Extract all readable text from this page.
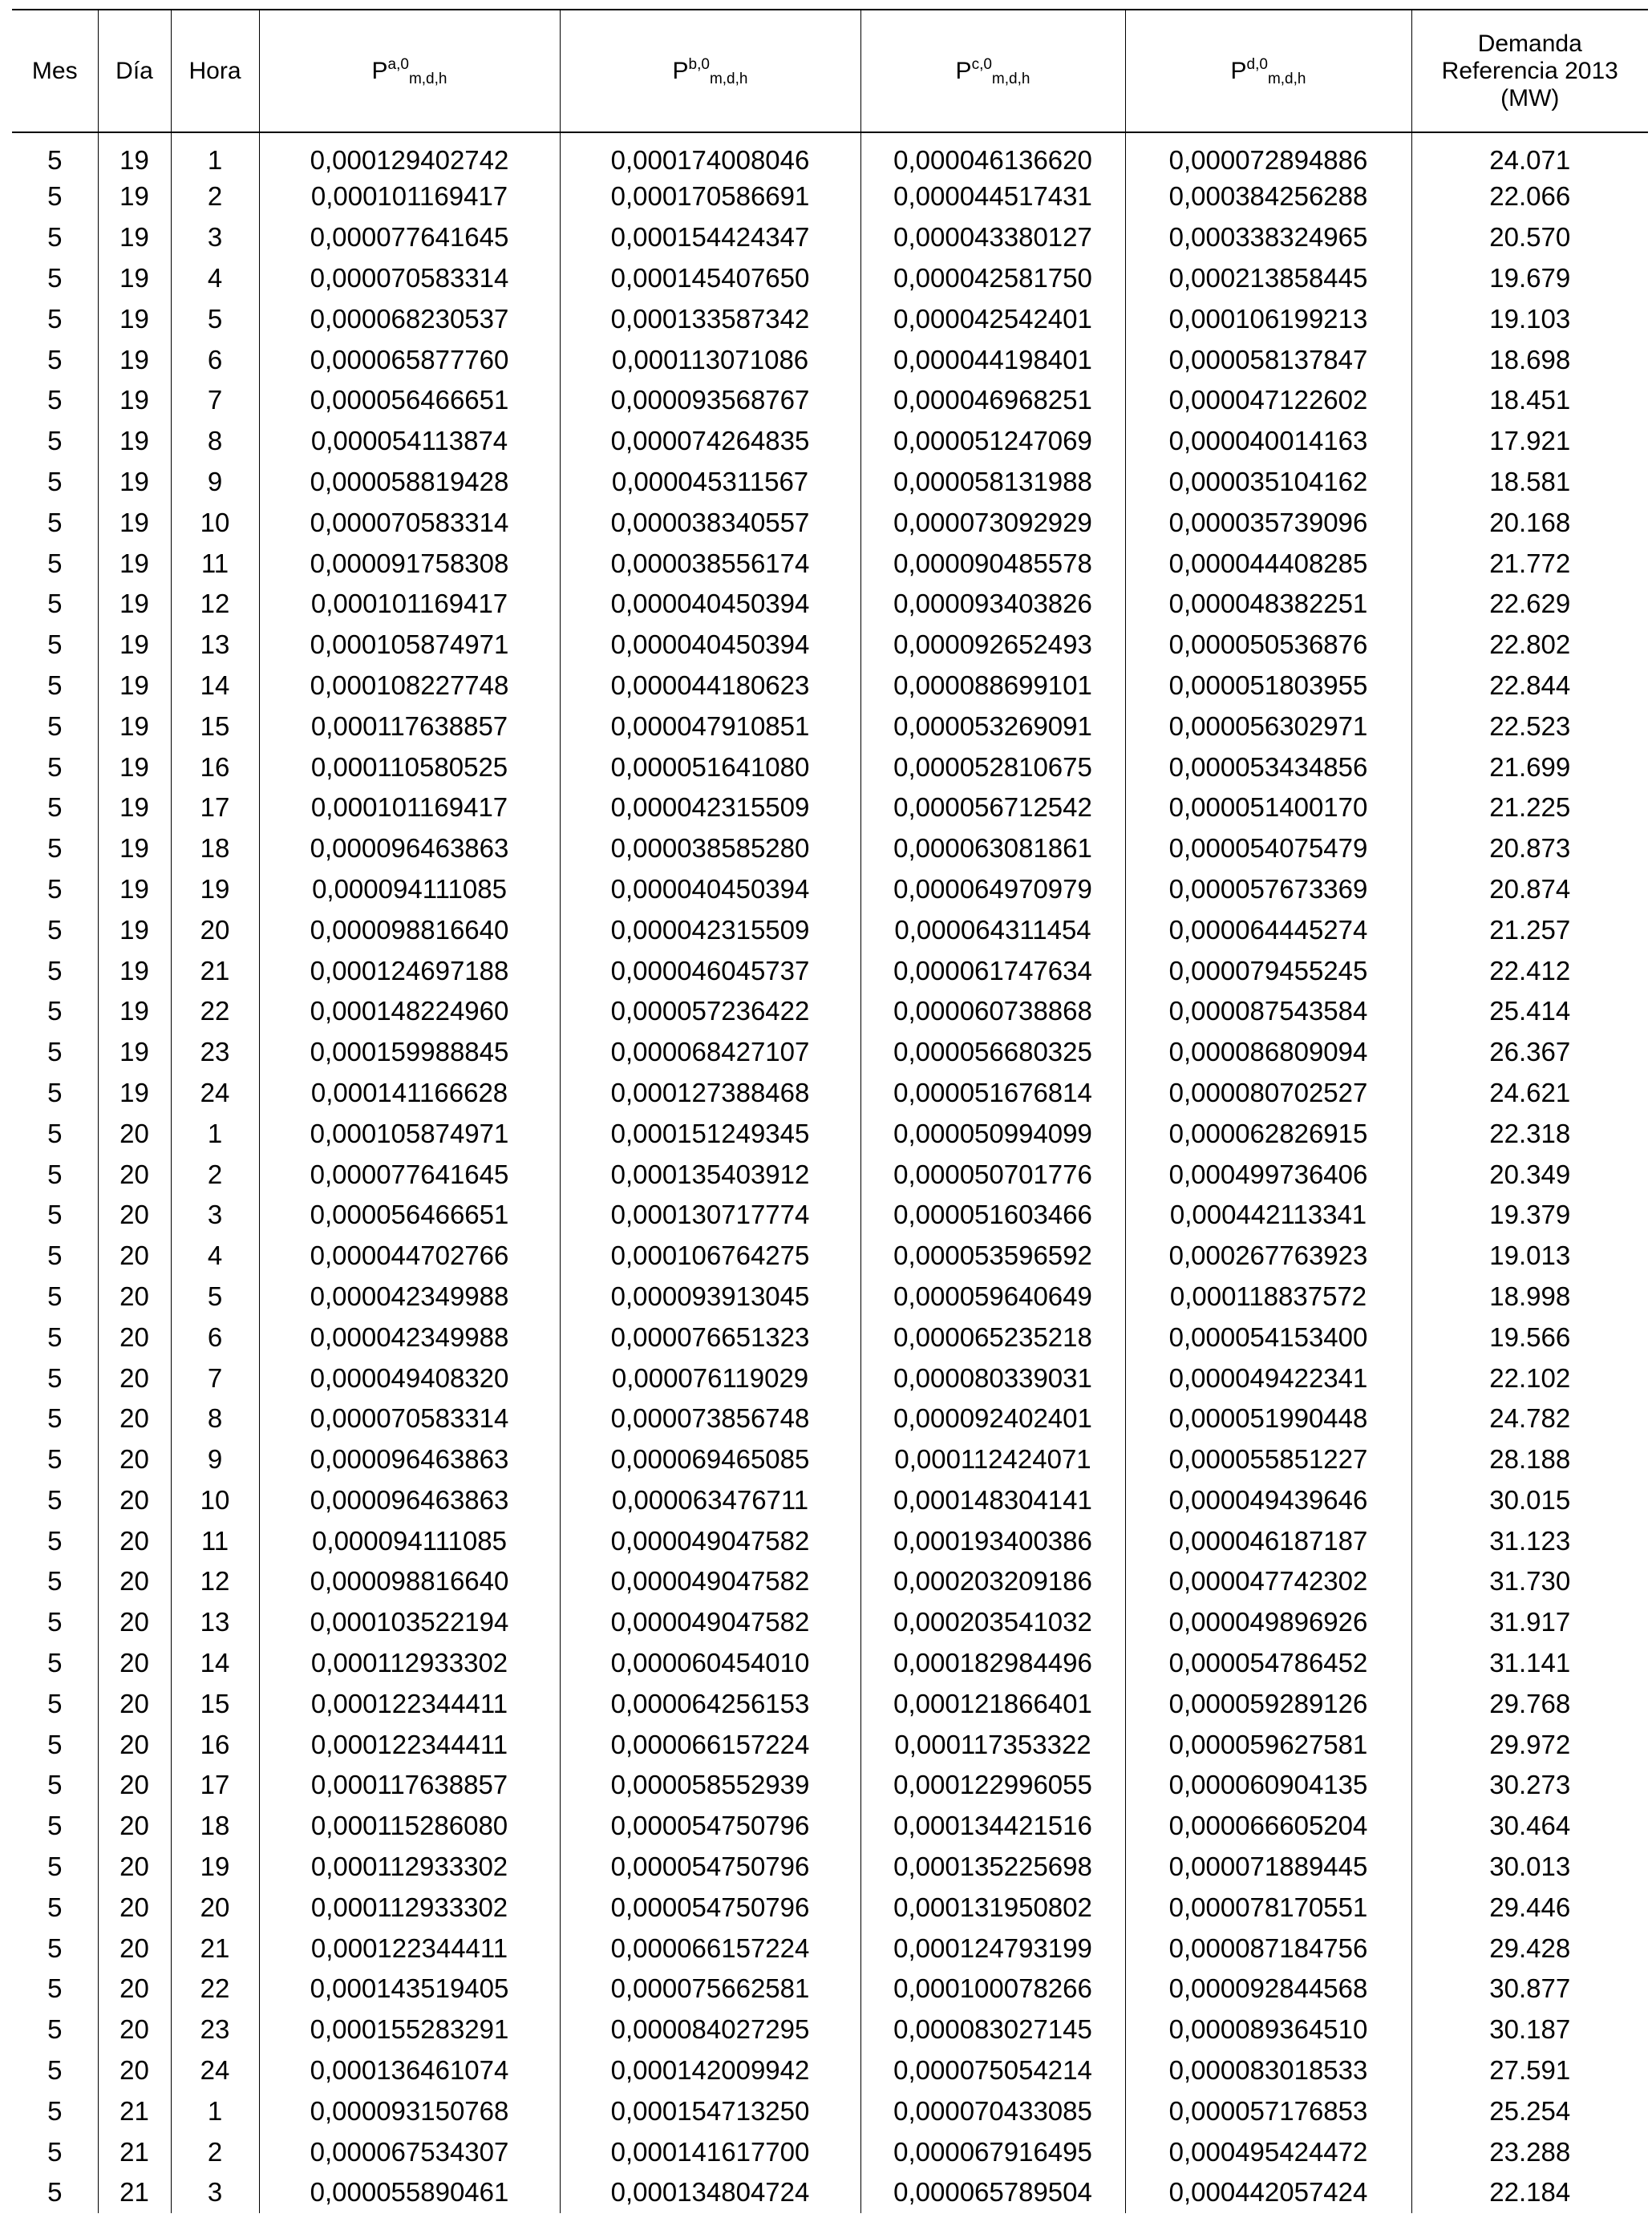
Mes	Día	Hora	P$^{a,0}_{m,d,h}$	P$^{b,0}_{m,d,h}$	P$^{c,0}_{m,d,h}$	P$^{d,0}_{m,d,h}$	Demanda
Referencia 2013
(MW)
5	19	1	0,000129402742	0,000174008046	0,000046136620	0,000072894886	24.071
5	19	2	0,000101169417	0,000170586691	0,000044517431	0,000384256288	22.066
5	19	3	0,000077641645	0,000154424347	0,000043380127	0,000338324965	20.570
5	19	4	0,000070583314	0,000145407650	0,000042581750	0,000213858445	19.679
5	19	5	0,000068230537	0,000133587342	0,000042542401	0,000106199213	19.103
5	19	6	0,000065877760	0,000113071086	0,000044198401	0,000058137847	18.698
5	19	7	0,000056466651	0,000093568767	0,000046968251	0,000047122602	18.451
5	19	8	0,000054113874	0,000074264835	0,000051247069	0,000040014163	17.921
5	19	9	0,000058819428	0,000045311567	0,000058131988	0,000035104162	18.581
5	19	10	0,000070583314	0,000038340557	0,000073092929	0,000035739096	20.168
5	19	11	0,000091758308	0,000038556174	0,000090485578	0,000044408285	21.772
5	19	12	0,000101169417	0,000040450394	0,000093403826	0,000048382251	22.629
5	19	13	0,000105874971	0,000040450394	0,000092652493	0,000050536876	22.802
5	19	14	0,000108227748	0,000044180623	0,000088699101	0,000051803955	22.844
5	19	15	0,000117638857	0,000047910851	0,000053269091	0,000056302971	22.523
5	19	16	0,000110580525	0,000051641080	0,000052810675	0,000053434856	21.699
5	19	17	0,000101169417	0,000042315509	0,000056712542	0,000051400170	21.225
5	19	18	0,000096463863	0,000038585280	0,000063081861	0,000054075479	20.873
5	19	19	0,000094111085	0,000040450394	0,000064970979	0,000057673369	20.874
5	19	20	0,000098816640	0,000042315509	0,000064311454	0,000064445274	21.257
5	19	21	0,000124697188	0,000046045737	0,000061747634	0,000079455245	22.412
5	19	22	0,000148224960	0,000057236422	0,000060738868	0,000087543584	25.414
5	19	23	0,000159988845	0,000068427107	0,000056680325	0,000086809094	26.367
5	19	24	0,000141166628	0,000127388468	0,000051676814	0,000080702527	24.621
5	20	1	0,000105874971	0,000151249345	0,000050994099	0,000062826915	22.318
5	20	2	0,000077641645	0,000135403912	0,000050701776	0,000499736406	20.349
5	20	3	0,000056466651	0,000130717774	0,000051603466	0,000442113341	19.379
5	20	4	0,000044702766	0,000106764275	0,000053596592	0,000267763923	19.013
5	20	5	0,000042349988	0,000093913045	0,000059640649	0,000118837572	18.998
5	20	6	0,000042349988	0,000076651323	0,000065235218	0,000054153400	19.566
5	20	7	0,000049408320	0,000076119029	0,000080339031	0,000049422341	22.102
5	20	8	0,000070583314	0,000073856748	0,000092402401	0,000051990448	24.782
5	20	9	0,000096463863	0,000069465085	0,000112424071	0,000055851227	28.188
5	20	10	0,000096463863	0,000063476711	0,000148304141	0,000049439646	30.015
5	20	11	0,000094111085	0,000049047582	0,000193400386	0,000046187187	31.123
5	20	12	0,000098816640	0,000049047582	0,000203209186	0,000047742302	31.730
5	20	13	0,000103522194	0,000049047582	0,000203541032	0,000049896926	31.917
5	20	14	0,000112933302	0,000060454010	0,000182984496	0,000054786452	31.141
5	20	15	0,000122344411	0,000064256153	0,000121866401	0,000059289126	29.768
5	20	16	0,000122344411	0,000066157224	0,000117353322	0,000059627581	29.972
5	20	17	0,000117638857	0,000058552939	0,000122996055	0,000060904135	30.273
5	20	18	0,000115286080	0,000054750796	0,000134421516	0,000066605204	30.464
5	20	19	0,000112933302	0,000054750796	0,000135225698	0,000071889445	30.013
5	20	20	0,000112933302	0,000054750796	0,000131950802	0,000078170551	29.446
5	20	21	0,000122344411	0,000066157224	0,000124793199	0,000087184756	29.428
5	20	22	0,000143519405	0,000075662581	0,000100078266	0,000092844568	30.877
5	20	23	0,000155283291	0,000084027295	0,000083027145	0,000089364510	30.187
5	20	24	0,000136461074	0,000142009942	0,000075054214	0,000083018533	27.591
5	21	1	0,000093150768	0,000154713250	0,000070433085	0,000057176853	25.254
5	21	2	0,000067534307	0,000141617700	0,000067916495	0,000495424472	23.288
5	21	3	0,000055890461	0,000134804724	0,000065789504	0,000442057424	22.184
